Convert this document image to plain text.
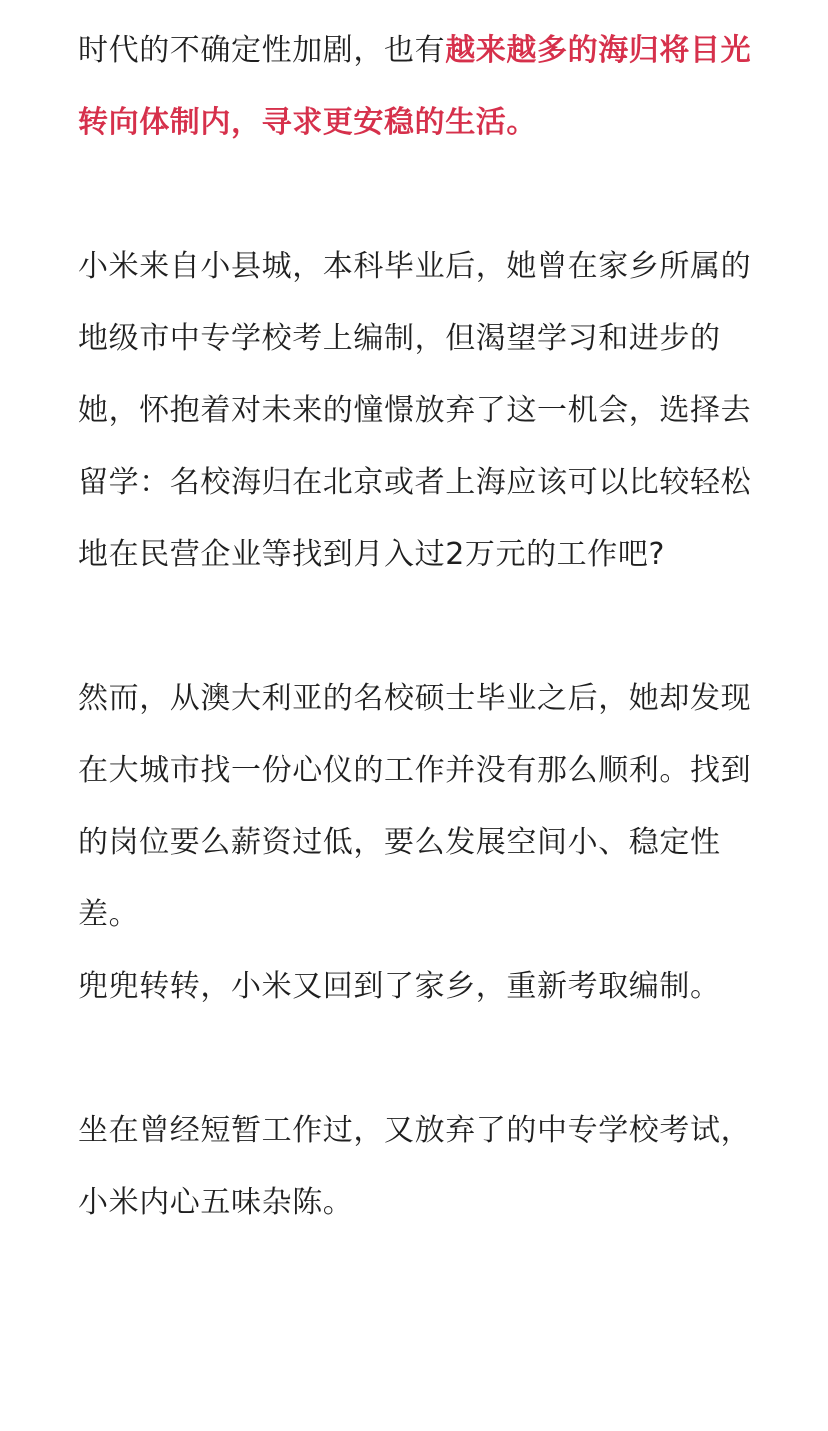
时代的不确定性加剧，也有越来越多的海归将目光转向体制内，寻求更安稳的生活。

小米来自小县城，本科毕业后，她曾在家乡所属的地级市中专学校考上编制，但渴望学习和进步的她，怀抱着对未来的憧憬放弃了这一机会，选择去留学：名校海归在北京或者上海应该可以比较轻松地在民营企业等找到月入过2万元的工作吧?

然而，从澳大利亚的名校硕士毕业之后，她却发现在大城市找一份心仪的工作并没有那么顺利。找到的岗位要么薪资过低，要么发展空间小、稳定性差。

兜兜转转，小米又回到了家乡，重新考取编制。

坐在曾经短暂工作过，又放弃了的中专学校考试，小米内心五味杂陈。
